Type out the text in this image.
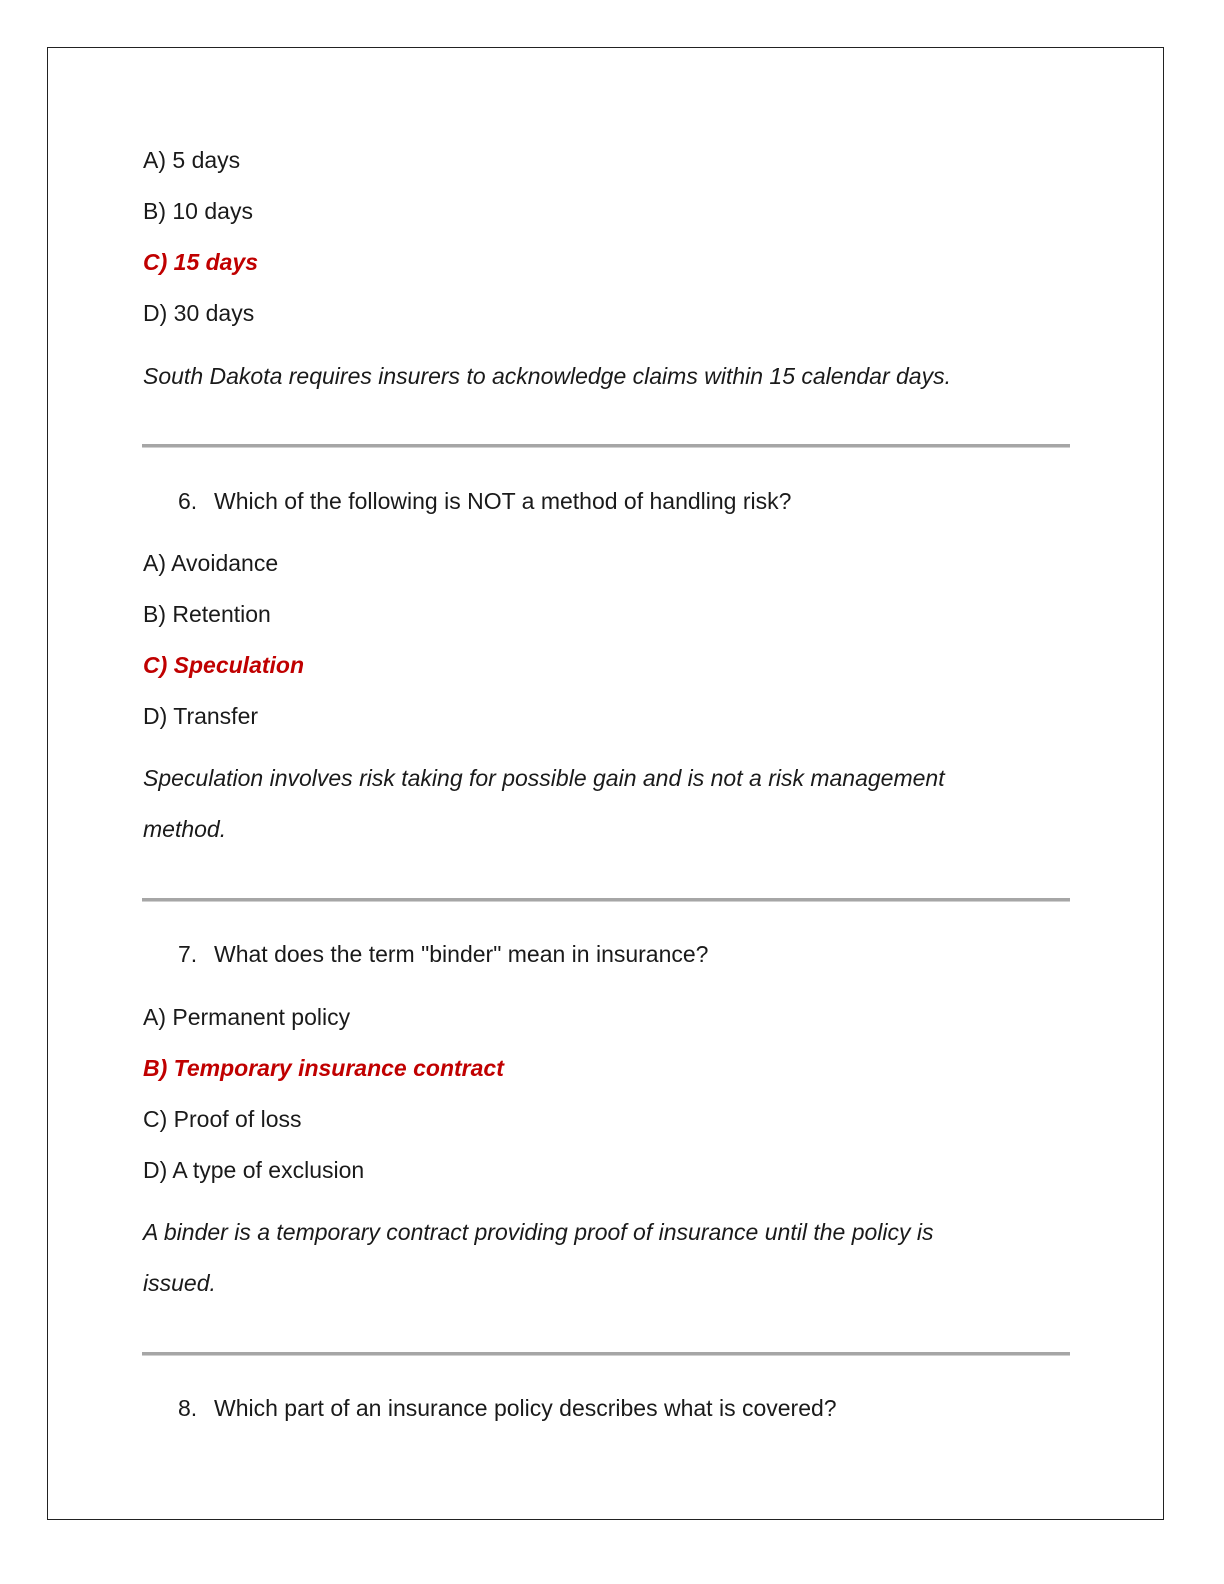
A) 5 days
B) 10 days
C) 15 days
D) 30 days
South Dakota requires insurers to acknowledge claims within 15 calendar days.
6. Which of the following is NOT a method of handling risk?
A) Avoidance
B) Retention
C) Speculation
D) Transfer
Speculation involves risk taking for possible gain and is not a risk management
method.
7. What does the term "binder" mean in insurance?
A) Permanent policy
B) Temporary insurance contract
C) Proof of loss
D) A type of exclusion
A binder is a temporary contract providing proof of insurance until the policy is
issued.
8. Which part of an insurance policy describes what is covered?
